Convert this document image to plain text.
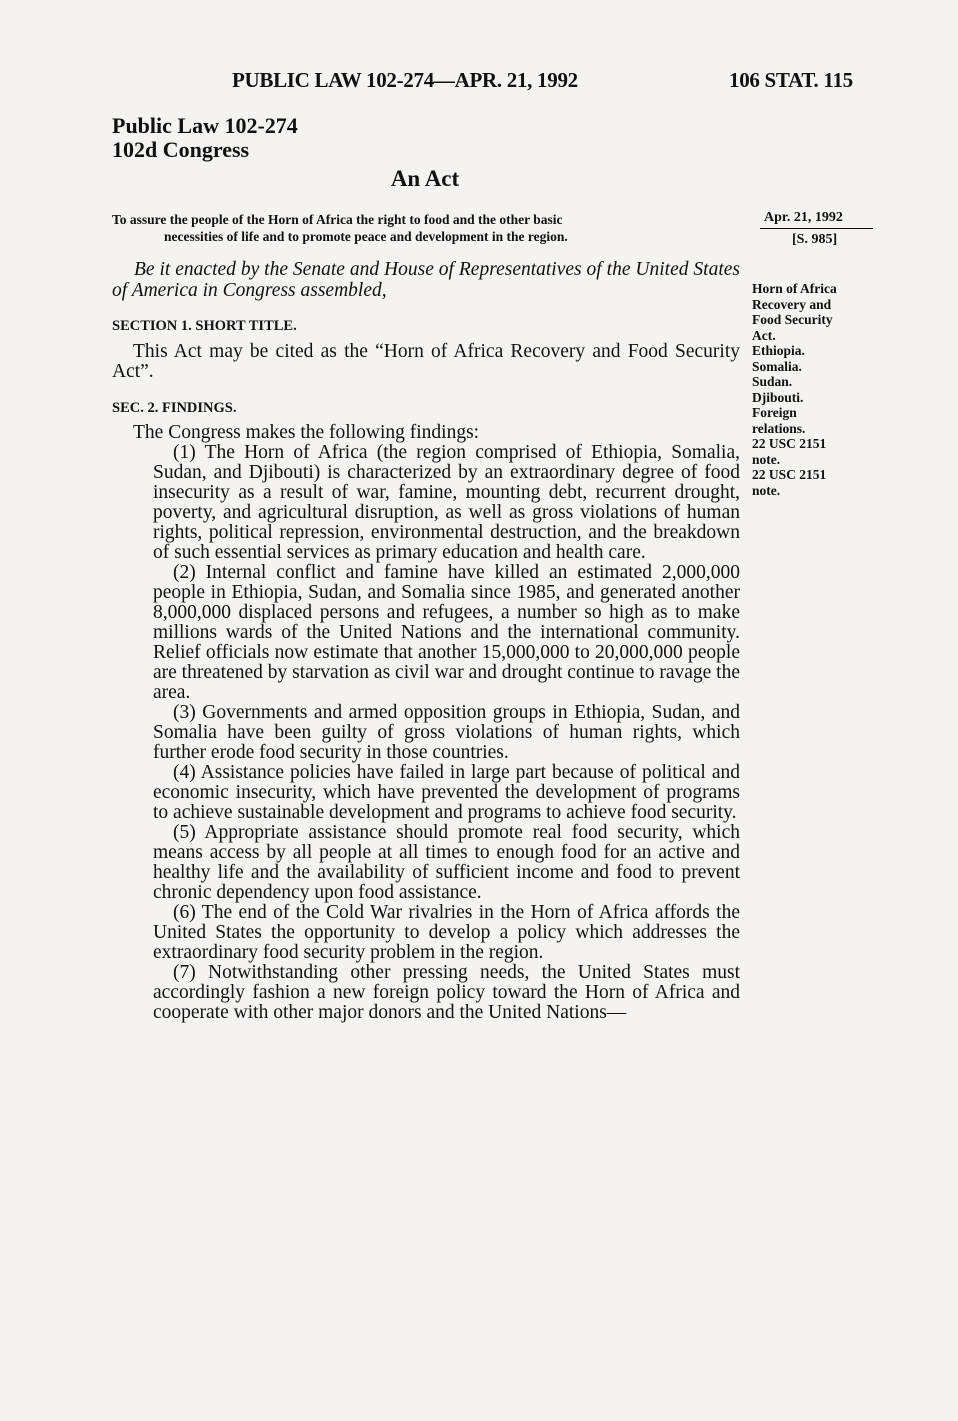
PUBLIC LAW 102-274—APR. 21, 1992	106 STAT. 115
Public Law 102-274
102d Congress
An Act
To assure the people of the Horn of Africa the right to food and the other basic
necessities of life and to promote peace and development in the region.
Apr. 21, 1992
[S. 985]
Be it enacted by the Senate and House of Representatives of the United States of America in Congress assembled,
SECTION 1. SHORT TITLE.
This Act may be cited as the “Horn of Africa Recovery and Food Security Act”.
SEC. 2. FINDINGS.
The Congress makes the following findings:
(1) The Horn of Africa (the region comprised of Ethiopia, Somalia, Sudan, and Djibouti) is characterized by an extraordinary degree of food insecurity as a result of war, famine, mounting debt, recurrent drought, poverty, and agricultural disruption, as well as gross violations of human rights, political repression, environmental destruction, and the breakdown of such essential services as primary education and health care.
(2) Internal conflict and famine have killed an estimated 2,000,000 people in Ethiopia, Sudan, and Somalia since 1985, and generated another 8,000,000 displaced persons and refugees, a number so high as to make millions wards of the United Nations and the international community. Relief officials now estimate that another 15,000,000 to 20,000,000 people are threatened by starvation as civil war and drought continue to ravage the area.
(3) Governments and armed opposition groups in Ethiopia, Sudan, and Somalia have been guilty of gross violations of human rights, which further erode food security in those countries.
(4) Assistance policies have failed in large part because of political and economic insecurity, which have prevented the development of programs to achieve sustainable development and programs to achieve food security.
(5) Appropriate assistance should promote real food security, which means access by all people at all times to enough food for an active and healthy life and the availability of sufficient income and food to prevent chronic dependency upon food assistance.
(6) The end of the Cold War rivalries in the Horn of Africa affords the United States the opportunity to develop a policy which addresses the extraordinary food security problem in the region.
(7) Notwithstanding other pressing needs, the United States must accordingly fashion a new foreign policy toward the Horn of Africa and cooperate with other major donors and the United Nations—
Horn of Africa
Recovery and
Food Security
Act.
Ethiopia.
Somalia.
Sudan.
Djibouti.
Foreign
relations.
22 USC 2151
note.
22 USC 2151
note.
